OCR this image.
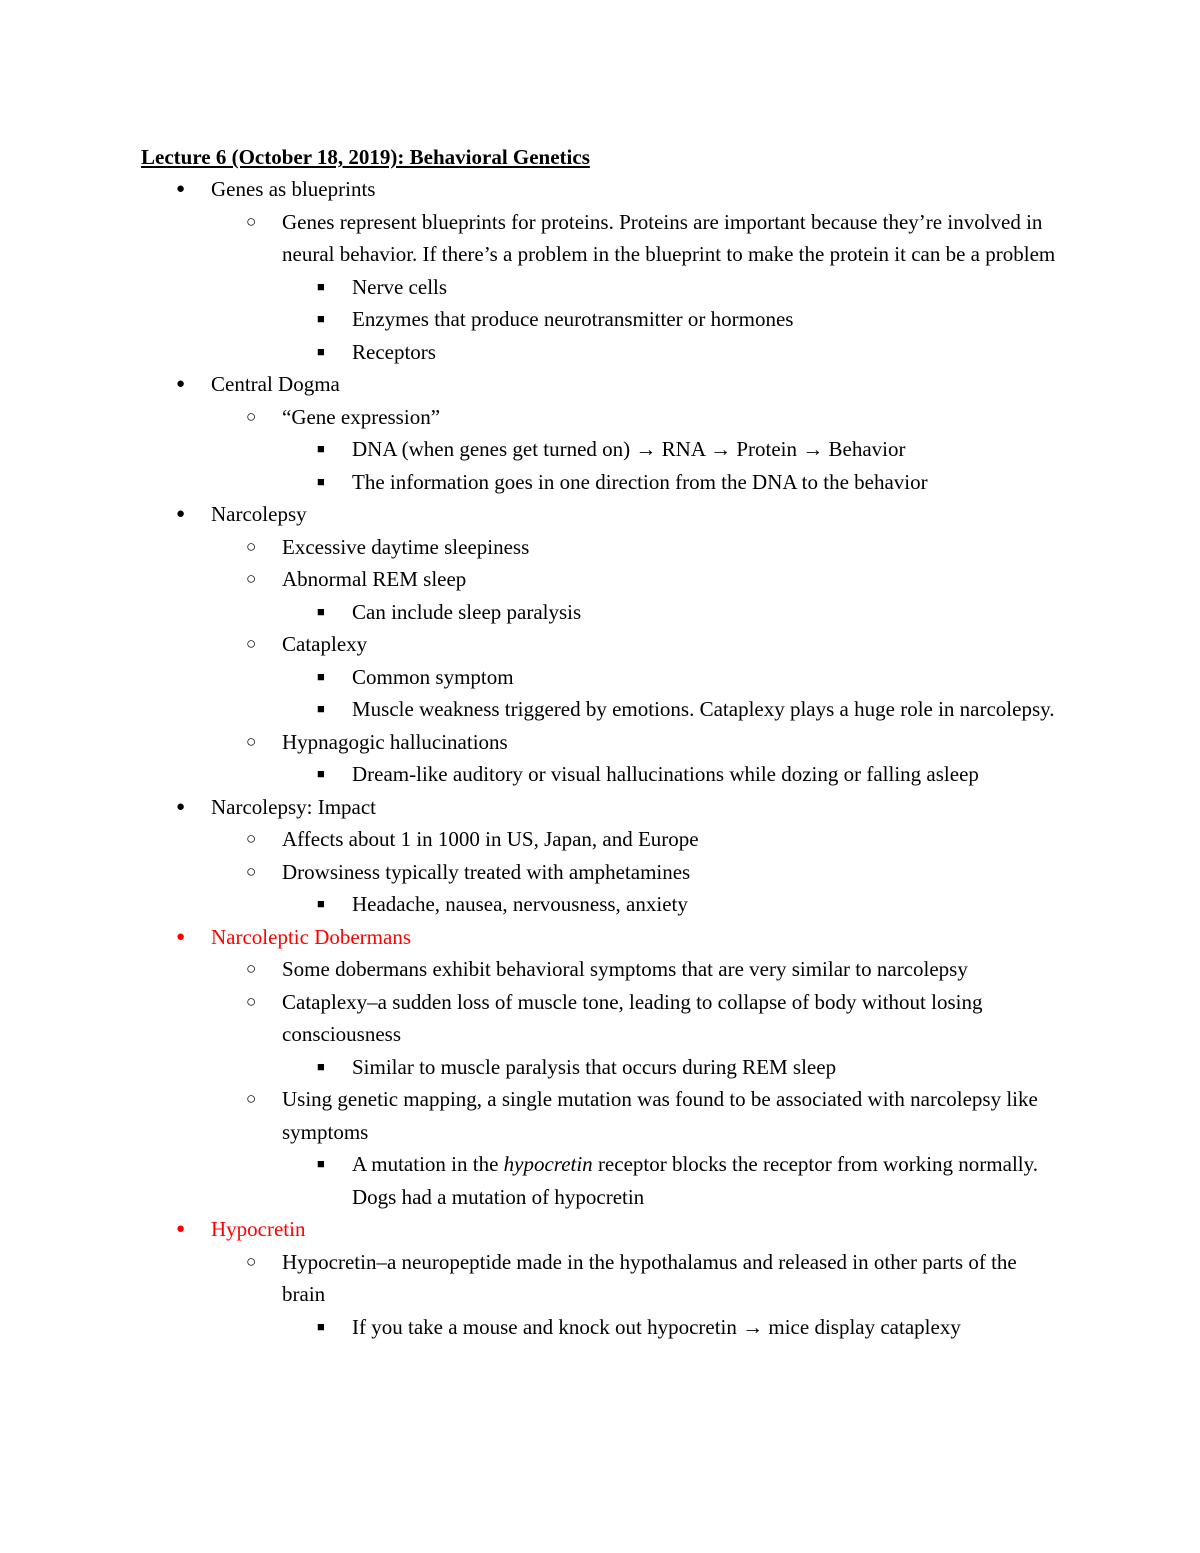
Lecture 6 (October 18, 2019): Behavioral Genetics
● Genes as blueprints
○ Genes represent blueprints for proteins. Proteins are important because they’re involved in neural behavior. If there’s a problem in the blueprint to make the protein it can be a problem
■ Nerve cells
■ Enzymes that produce neurotransmitter or hormones
■ Receptors
● Central Dogma
○ “Gene expression”
■ DNA (when genes get turned on) → RNA → Protein → Behavior
■ The information goes in one direction from the DNA to the behavior
● Narcolepsy
○ Excessive daytime sleepiness
○ Abnormal REM sleep
■ Can include sleep paralysis
○ Cataplexy
■ Common symptom
■ Muscle weakness triggered by emotions. Cataplexy plays a huge role in narcolepsy.
○ Hypnagogic hallucinations
■ Dream-like auditory or visual hallucinations while dozing or falling asleep
● Narcolepsy: Impact
○ Affects about 1 in 1000 in US, Japan, and Europe
○ Drowsiness typically treated with amphetamines
■ Headache, nausea, nervousness, anxiety
● Narcoleptic Dobermans
○ Some dobermans exhibit behavioral symptoms that are very similar to narcolepsy
○ Cataplexy–a sudden loss of muscle tone, leading to collapse of body without losing consciousness
■ Similar to muscle paralysis that occurs during REM sleep
○ Using genetic mapping, a single mutation was found to be associated with narcolepsy like symptoms
■ A mutation in the hypocretin receptor blocks the receptor from working normally. Dogs had a mutation of hypocretin
● Hypocretin
○ Hypocretin–a neuropeptide made in the hypothalamus and released in other parts of the brain
■ If you take a mouse and knock out hypocretin → mice display cataplexy
